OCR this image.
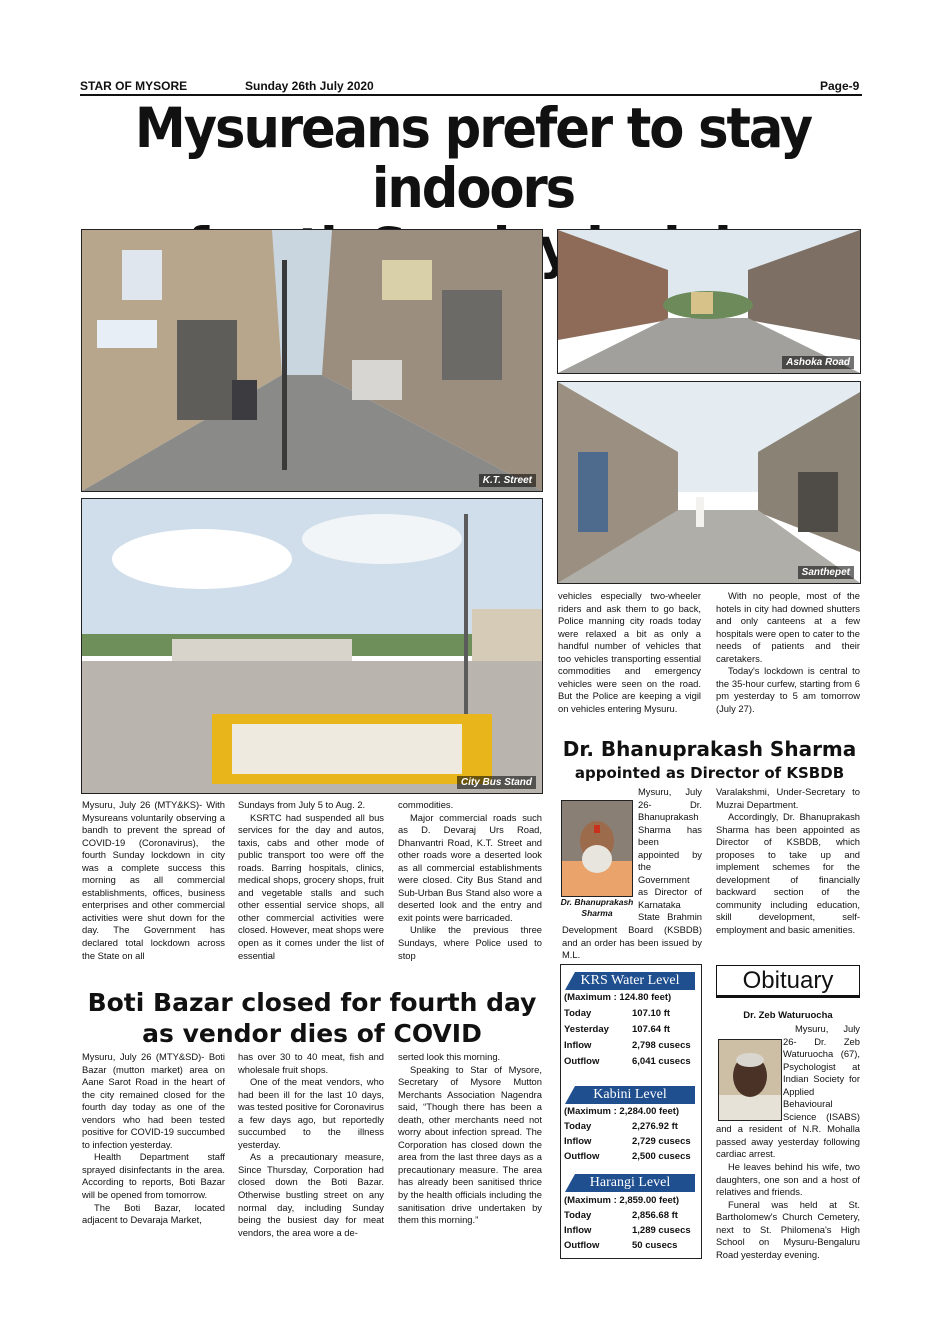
STAR OF MYSORE	Sunday 26th July 2020	Page-9
Mysureans prefer to stay indoors
K.T. Street
Ashoka Road
Santhepet
City Bus Stand

Mysuru, July 26 (MTY&KS)- With Mysureans voluntarily observing a bandh to prevent the spread of COVID-19 (Coronavirus), the fourth Sunday lockdown in city was a complete success this morning as all commercial establishments, offices, business enterprises and other commercial activities were shut down for the day. The Government has declared total lockdown across the State on all

Sundays from July 5 to Aug. 2.

KSRTC had suspended all bus services for the day and autos, taxis, cabs and other mode of public transport too were off the roads. Barring hospitals, clinics, medical shops, grocery shops, fruit and vegetable stalls and such other essential service shops, all other commercial activities were closed. However, meat shops were open as it comes under the list of essential

commodities.

Major commercial roads such as D. Devaraj Urs Road, Dhanvantri Road, K.T. Street and other roads wore a deserted look as all commercial establishments were closed. City Bus Stand and Sub-Urban Bus Stand also wore a deserted look and the entry and exit points were barricaded.

Unlike the previous three Sundays, where Police used to stop

vehicles especially two-wheeler riders and ask them to go back, Police manning city roads today were relaxed a bit as only a handful number of vehicles that too vehicles transporting essential commodities and emergency vehicles were seen on the road. But the Police are keeping a vigil on vehicles entering Mysuru.

With no people, most of the hotels in city had downed shutters and only canteens at a few hospitals were open to cater to the needs of patients and their caretakers.

Today's lockdown is central to the 35-hour curfew, starting from 6 pm yesterday to 5 am tomorrow (July 27).

Dr. Bhanuprakash Sharma
appointed as Director of KSBDB
Dr. Bhanuprakash Sharma

Mysuru, July 26- Dr. Bhanuprakash Sharma has been appointed by the Government as Director of Karnataka State Brahmin Development Board (KSBDB) and an order has been issued by M.L.

Varalakshmi, Under-Secretary to Muzrai Department.

Accordingly, Dr. Bhanuprakash Sharma has been appointed as Director of KSBDB, which proposes to take up and implement schemes for the development of financially backward section of the community including education, skill development, self-employment and basic amenities.

Boti Bazar closed for fourth day
as vendor dies of COVID

Mysuru, July 26 (MTY&SD)- Boti Bazar (mutton market) area on Aane Sarot Road in the heart of the city remained closed for the fourth day today as one of the vendors who had been tested positive for COVID-19 succumbed to infection yesterday.

Health Department staff sprayed disinfectants in the area. According to reports, Boti Bazar will be opened from tomorrow.

The Boti Bazar, located adjacent to Devaraja Market,

has over 30 to 40 meat, fish and wholesale fruit shops.

One of the meat vendors, who had been ill for the last 10 days, was tested positive for Coronavirus a few days ago, but reportedly succumbed to the illness yesterday.

As a precautionary measure, Since Thursday, Corporation had closed down the Boti Bazar. Otherwise bustling street on any normal day, including Sunday being the busiest day for meat vendors, the area wore a de-

serted look this morning.

Speaking to Star of Mysore, Secretary of Mysore Mutton Merchants Association Nagendra said, “Though there has been a death, other merchants need not worry about infection spread. The Corporation has closed down the area from the last three days as a precautionary measure. The area has already been sanitised thrice by the health officials including the sanitisation drive undertaken by them this morning.”

KRS Water Level
(Maximum : 124.80 feet)
Today	107.10 ft
Yesterday 107.64 ft
Inflow	2,798 cusecs
Outflow	6,041 cusecs
Kabini Level
(Maximum : 2,284.00 feet)
Today	2,276.92 ft
Inflow	2,729 cusecs
Outflow	2,500 cusecs
Harangi Level
(Maximum : 2,859.00 feet)
Today	2,856.68 ft
Inflow	1,289 cusecs
Outflow	50 cusecs
Obituary
Dr. Zeb Waturuocha

Mysuru, July 26- Dr. Zeb Waturuocha (67), Psychologist at Indian Society for Applied Behavioural Science (ISABS) and a resident of N.R. Mohalla passed away yesterday following cardiac arrest.

He leaves behind his wife, two daughters, one son and a host of relatives and friends.

Funeral was held at St. Bartholomew's Church Cemetery, next to St. Philomena's High School on Mysuru-Bengaluru Road yesterday evening.
